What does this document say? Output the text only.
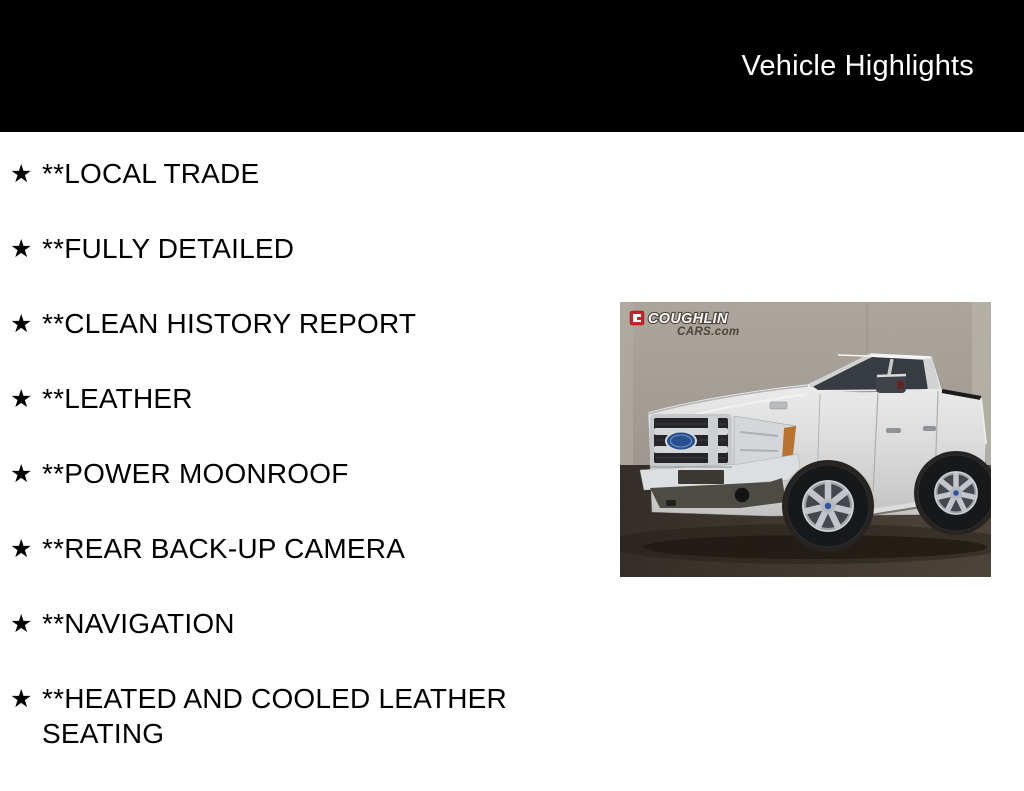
Vehicle Highlights
★ **LOCAL TRADE
★ **FULLY DETAILED
★ **CLEAN HISTORY REPORT
★ **LEATHER
★ **POWER MOONROOF
★ **REAR BACK-UP CAMERA
★ **NAVIGATION
★ **HEATED AND COOLED LEATHER SEATING
COUGHLIN
CARS.com
